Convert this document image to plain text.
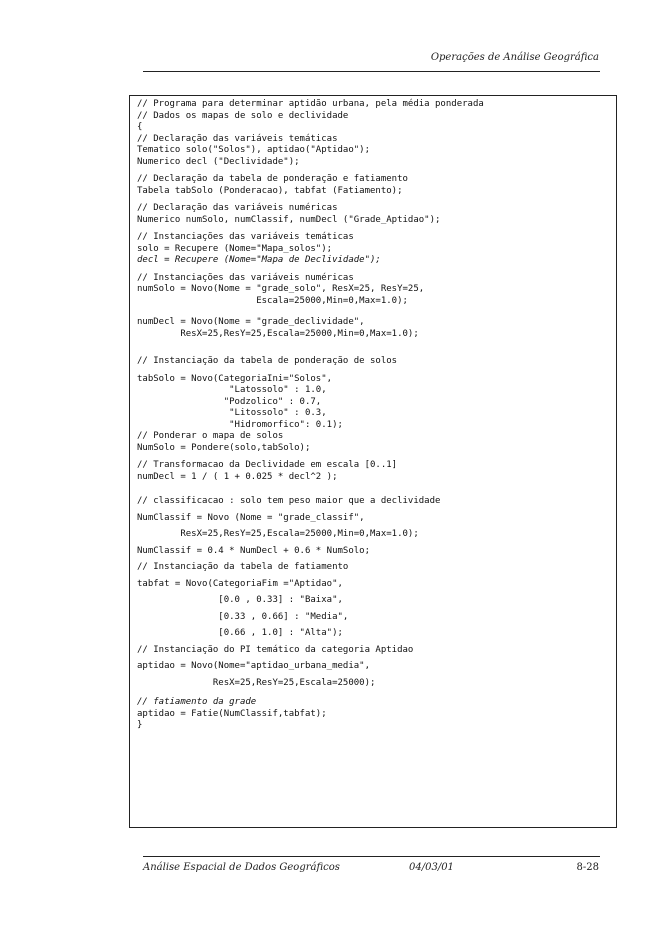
Operações de Análise Geográfica
// Programa para determinar aptidão urbana, pela média ponderada
// Dados os mapas de solo e declividade
{
// Declaração das variáveis temáticas
Tematico solo("Solos"), aptidao("Aptidao");
Numerico decl ("Declividade");
// Declaração da tabela de ponderação e fatiamento
Tabela tabSolo (Ponderacao), tabfat (Fatiamento);
// Declaração das variáveis numéricas
Numerico numSolo, numClassif, numDecl ("Grade_Aptidao");
// Instanciações das variáveis temáticas
solo = Recupere (Nome="Mapa_solos");
decl = Recupere (Nome="Mapa de Declividade");
// Instanciações das variáveis numéricas
numSolo = Novo(Nome = "grade_solo", ResX=25, ResY=25,
Escala=25000,Min=0,Max=1.0);
numDecl = Novo(Nome = "grade_declividade",
ResX=25,ResY=25,Escala=25000,Min=0,Max=1.0);
// Instanciação da tabela de ponderação de solos
tabSolo = Novo(CategoriaIni="Solos",
"Latossolo" : 1.0,
"Podzolico" : 0.7,
"Litossolo" : 0.3,
"Hidromorfico": 0.1);
// Ponderar o mapa de solos
NumSolo = Pondere(solo,tabSolo);
// Transformacao da Declividade em escala [0..1]
numDecl = 1 / ( 1 + 0.025 * decl^2 );
// classificacao : solo tem peso maior que a declividade
NumClassif = Novo (Nome = "grade_classif",
ResX=25,ResY=25,Escala=25000,Min=0,Max=1.0);
NumClassif = 0.4 * NumDecl + 0.6 * NumSolo;
// Instanciação da tabela de fatiamento
tabfat = Novo(CategoriaFim ="Aptidao",
[0.0 , 0.33] : "Baixa",
[0.33 , 0.66] : "Media",
[0.66 , 1.0] : "Alta");
// Instanciação do PI temático da categoria Aptidao
aptidao = Novo(Nome="aptidao_urbana_media",
ResX=25,ResY=25,Escala=25000);
// fatiamento da grade
aptidao = Fatie(NumClassif,tabfat);
}
Análise Espacial de Dados Geográficos	04/03/01	8-28
